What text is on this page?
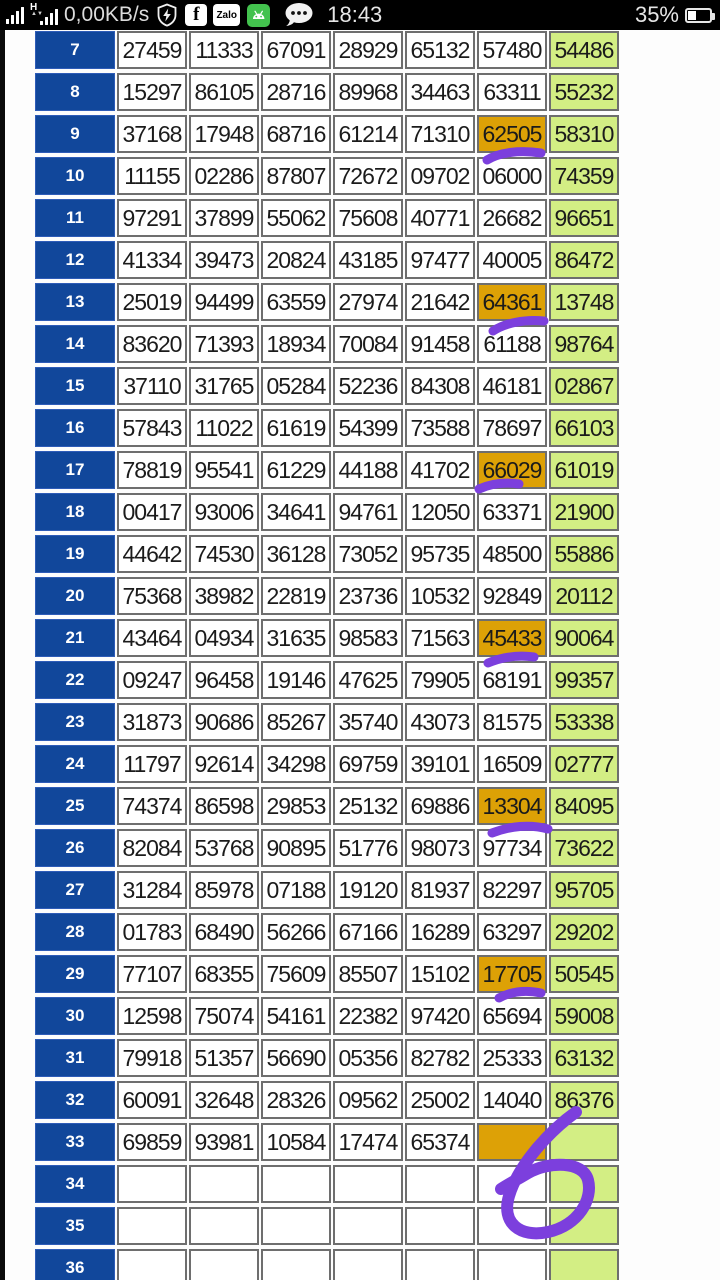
H
▲▼ 0,00KB/s f Zalo	18:43	35%
7	27459	11333	67091	28929	65132	57480	54486
8	15297	86105	28716	89968	34463	63311	55232
9	37168	17948	68716	61214	71310	62505	58310
10	11155	02286	87807	72672	09702	06000	74359
11	97291	37899	55062	75608	40771	26682	96651
12	41334	39473	20824	43185	97477	40005	86472
13	25019	94499	63559	27974	21642	64361	13748
14	83620	71393	18934	70084	91458	61188	98764
15	37110	31765	05284	52236	84308	46181	02867
16	57843	11022	61619	54399	73588	78697	66103
17	78819	95541	61229	44188	41702	66029	61019
18	00417	93006	34641	94761	12050	63371	21900
19	44642	74530	36128	73052	95735	48500	55886
20	75368	38982	22819	23736	10532	92849	20112
21	43464	04934	31635	98583	71563	45433	90064
22	09247	96458	19146	47625	79905	68191	99357
23	31873	90686	85267	35740	43073	81575	53338
24	11797	92614	34298	69759	39101	16509	02777
25	74374	86598	29853	25132	69886	13304	84095
26	82084	53768	90895	51776	98073	97734	73622
27	31284	85978	07188	19120	81937	82297	95705
28	01783	68490	56266	67166	16289	63297	29202
29	77107	68355	75609	85507	15102	17705	50545
30	12598	75074	54161	22382	97420	65694	59008
31	79918	51357	56690	05356	82782	25333	63132
32	60091	32648	28326	09562	25002	14040	86376
33	69859	93981	10584	17474	65374		
34							
35							
36							
